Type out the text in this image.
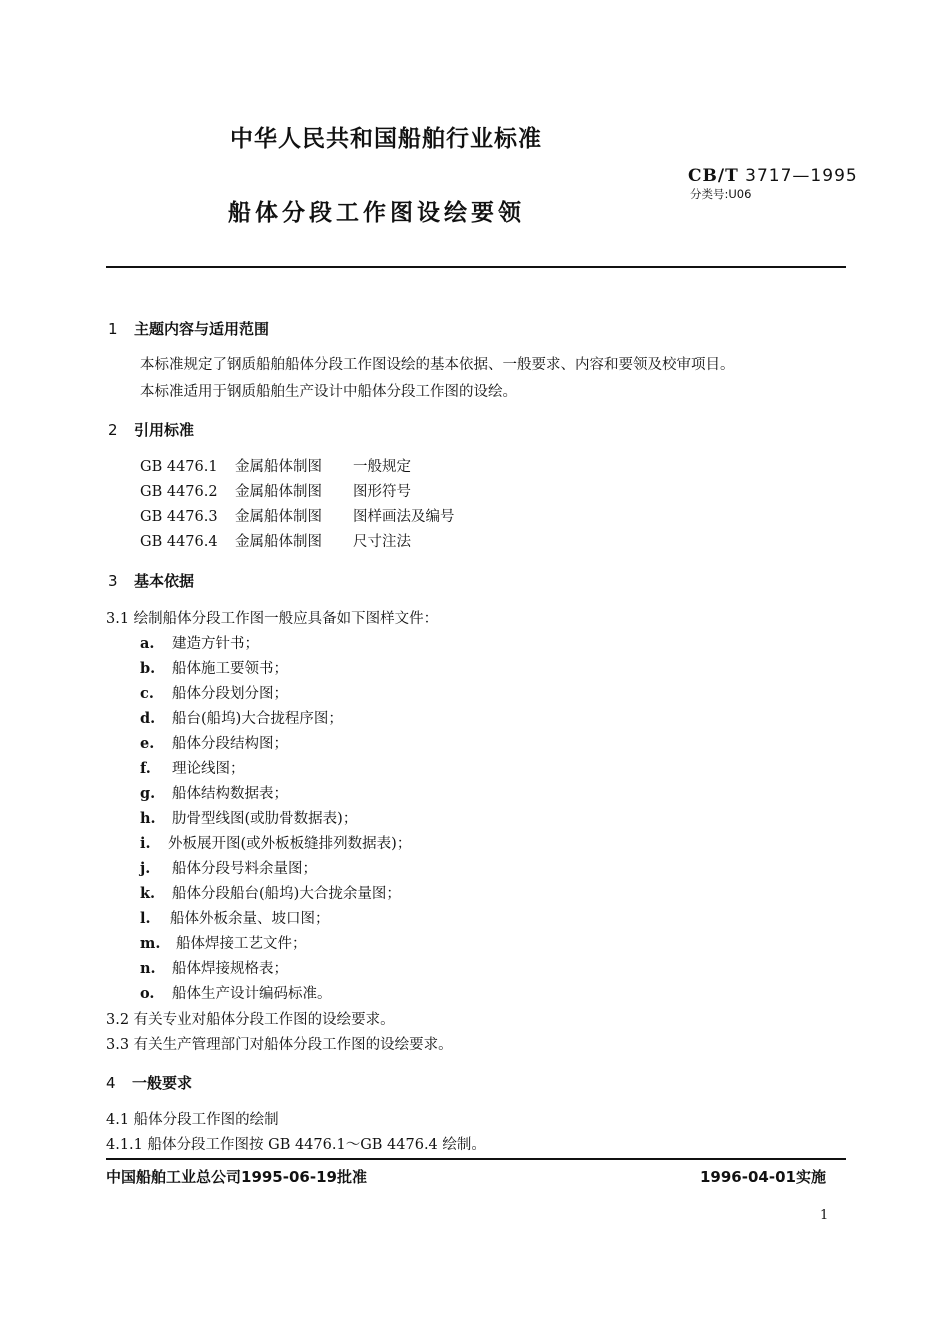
中华人民共和国船舶行业标准
CB/T 3717—1995
分类号:U06
船体分段工作图设绘要领
1 主题内容与适用范围
本标准规定了钢质船舶船体分段工作图设绘的基本依据、一般要求、内容和要领及校审项目。
本标准适用于钢质船舶生产设计中船体分段工作图的设绘。
2 引用标准
GB 4476.1 金属船体制图 一般规定
GB 4476.2 金属船体制图 图形符号
GB 4476.3 金属船体制图 图样画法及编号
GB 4476.4 金属船体制图 尺寸注法
3 基本依据
3.1 绘制船体分段工作图一般应具备如下图样文件：
a. 建造方针书；
b. 船体施工要领书；
c. 船体分段划分图；
d. 船台(船坞)大合拢程序图；
e. 船体分段结构图；
f. 理论线图；
g. 船体结构数据表；
h. 肋骨型线图(或肋骨数据表)；
i. 外板展开图(或外板板缝排列数据表)；
j. 船体分段号料余量图；
k. 船体分段船台(船坞)大合拢余量图；
l. 船体外板余量、坡口图；
m. 船体焊接工艺文件；
n. 船体焊接规格表；
o. 船体生产设计编码标准。
3.2 有关专业对船体分段工作图的设绘要求。
3.3 有关生产管理部门对船体分段工作图的设绘要求。
4 一般要求
4.1 船体分段工作图的绘制
4.1.1 船体分段工作图按 GB 4476.1～GB 4476.4 绘制。
中国船舶工业总公司1995-06-19批准	1996-04-01实施
1
